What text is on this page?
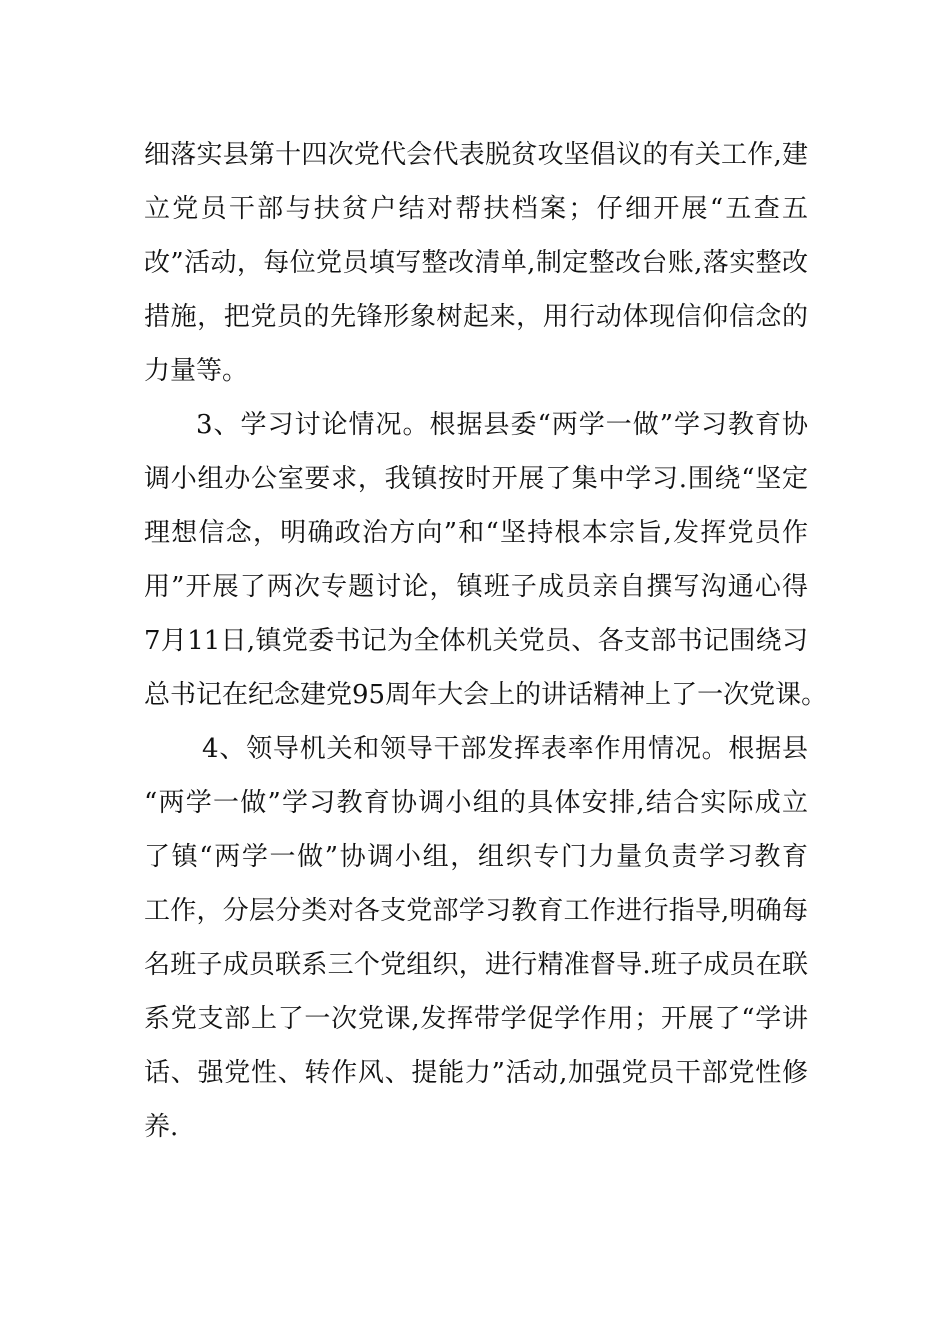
细落实县第十四次党代会代表脱贫攻坚倡议的有关工作,建
立党员干部与扶贫户结对帮扶档案；仔细开展“五查五
改”活动，每位党员填写整改清单,制定整改台账,落实整改
措施，把党员的先锋形象树起来，用行动体现信仰信念的
力量等。
3、学习讨论情况。根据县委“两学一做”学习教育协
调小组办公室要求，我镇按时开展了集中学习.围绕“坚定
理想信念，明确政治方向”和“坚持根本宗旨,发挥党员作
用”开展了两次专题讨论，镇班子成员亲自撰写沟通心得
7月11日,镇党委书记为全体机关党员、各支部书记围绕习
总书记在纪念建党95周年大会上的讲话精神上了一次党课。
4、领导机关和领导干部发挥表率作用情况。根据县
“两学一做”学习教育协调小组的具体安排,结合实际成立
了镇“两学一做”协调小组，组织专门力量负责学习教育
工作，分层分类对各支党部学习教育工作进行指导,明确每
名班子成员联系三个党组织，进行精准督导.班子成员在联
系党支部上了一次党课,发挥带学促学作用；开展了“学讲
话、强党性、转作风、提能力”活动,加强党员干部党性修
养.
